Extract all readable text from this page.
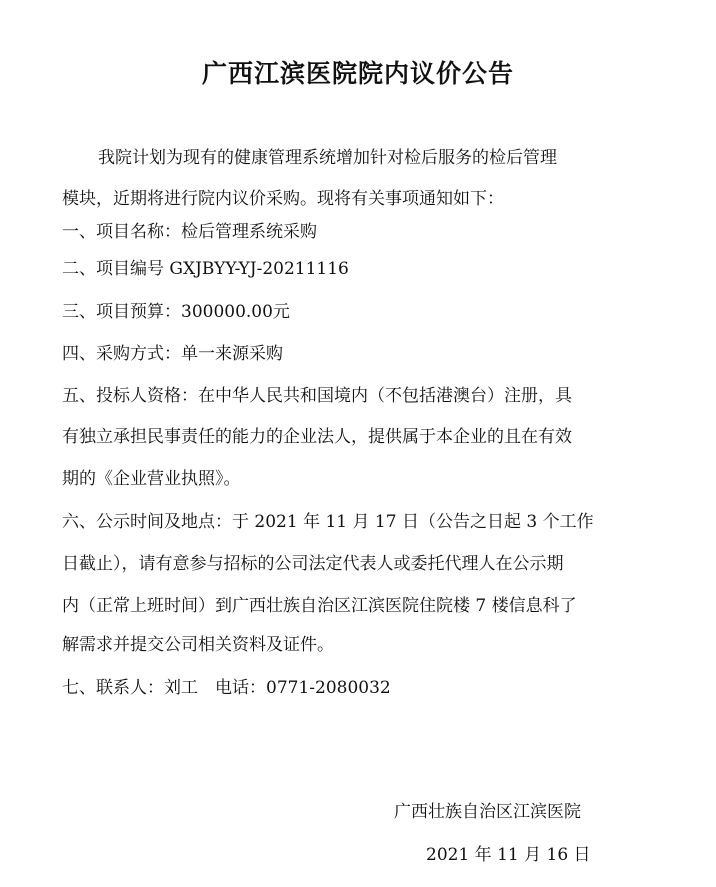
广西江滨医院院内议价公告
我院计划为现有的健康管理系统增加针对检后服务的检后管理
模块，近期将进行院内议价采购。现将有关事项通知如下：
一、项目名称：检后管理系统采购
二、项目编号 GXJBYY-YJ-20211116
三、项目预算：300000.00元
四、采购方式：单一来源采购
五、投标人资格：在中华人民共和国境内（不包括港澳台）注册，具
有独立承担民事责任的能力的企业法人，提供属于本企业的且在有效
期的《企业营业执照》。
六、公示时间及地点：于 2021 年 11 月 17 日（公告之日起 3 个工作
日截止），请有意参与招标的公司法定代表人或委托代理人在公示期
内（正常上班时间）到广西壮族自治区江滨医院住院楼 7 楼信息科了
解需求并提交公司相关资料及证件。
七、联系人：刘工　电话：0771-2080032
广西壮族自治区江滨医院
2021 年 11 月 16 日
